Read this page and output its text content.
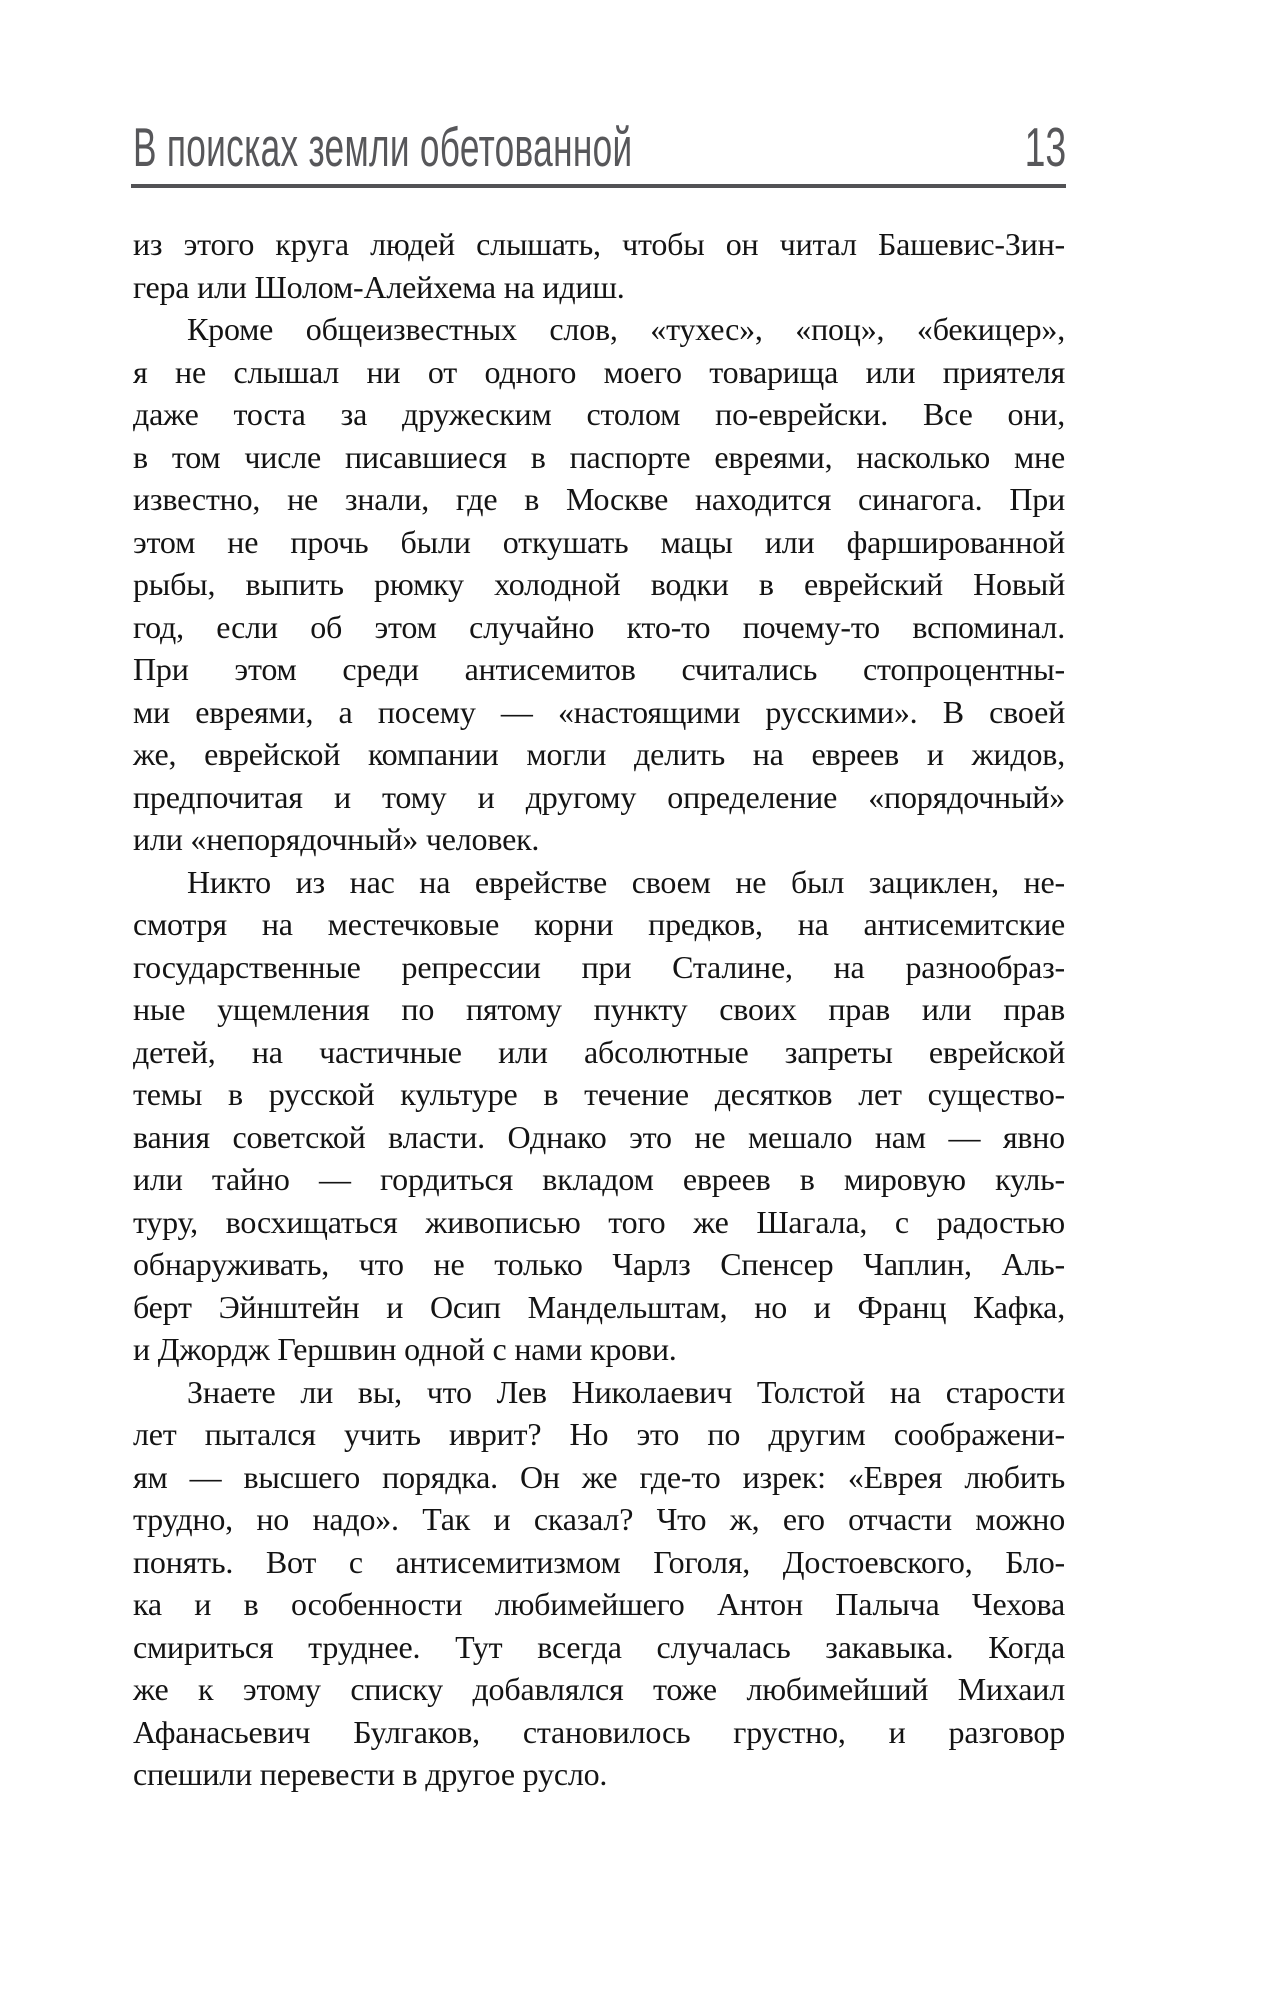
В поисках земли обетованной	13
из этого круга людей слышать, чтобы он читал Башевис-Зин-
гера или Шолом-Алейхема на идиш.
Кроме общеизвестных слов, «тухес», «поц», «бекицер»,
я не слышал ни от одного моего товарища или приятеля
даже тоста за дружеским столом по-еврейски. Все они,
в том числе писавшиеся в паспорте евреями, насколько мне
известно, не знали, где в Москве находится синагога. При
этом не прочь были откушать мацы или фаршированной
рыбы, выпить рюмку холодной водки в еврейский Новый
год, если об этом случайно кто-то почему-то вспоминал.
При этом среди антисемитов считались стопроцентны-
ми евреями, а посему — «настоящими русскими». В своей
же, еврейской компании могли делить на евреев и жидов,
предпочитая и тому и другому определение «порядочный»
или «непорядочный» человек.
Никто из нас на еврействе своем не был зациклен, не-
смотря на местечковые корни предков, на антисемитские
государственные репрессии при Сталине, на разнообраз-
ные ущемления по пятому пункту своих прав или прав
детей, на частичные или абсолютные запреты еврейской
темы в русской культуре в течение десятков лет существо-
вания советской власти. Однако это не мешало нам — явно
или тайно — гордиться вкладом евреев в мировую куль-
туру, восхищаться живописью того же Шагала, с радостью
обнаруживать, что не только Чарлз Спенсер Чаплин, Аль-
берт Эйнштейн и Осип Мандельштам, но и Франц Кафка,
и Джордж Гершвин одной с нами крови.
Знаете ли вы, что Лев Николаевич Толстой на старости
лет пытался учить иврит? Но это по другим соображени-
ям — высшего порядка. Он же где-то изрек: «Еврея любить
трудно, но надо». Так и сказал? Что ж, его отчасти можно
понять. Вот с антисемитизмом Гоголя, Достоевского, Бло-
ка и в особенности любимейшего Антон Палыча Чехова
смириться труднее. Тут всегда случалась закавыка. Когда
же к этому списку добавлялся тоже любимейший Михаил
Афанасьевич Булгаков, становилось грустно, и разговор
спешили перевести в другое русло.
